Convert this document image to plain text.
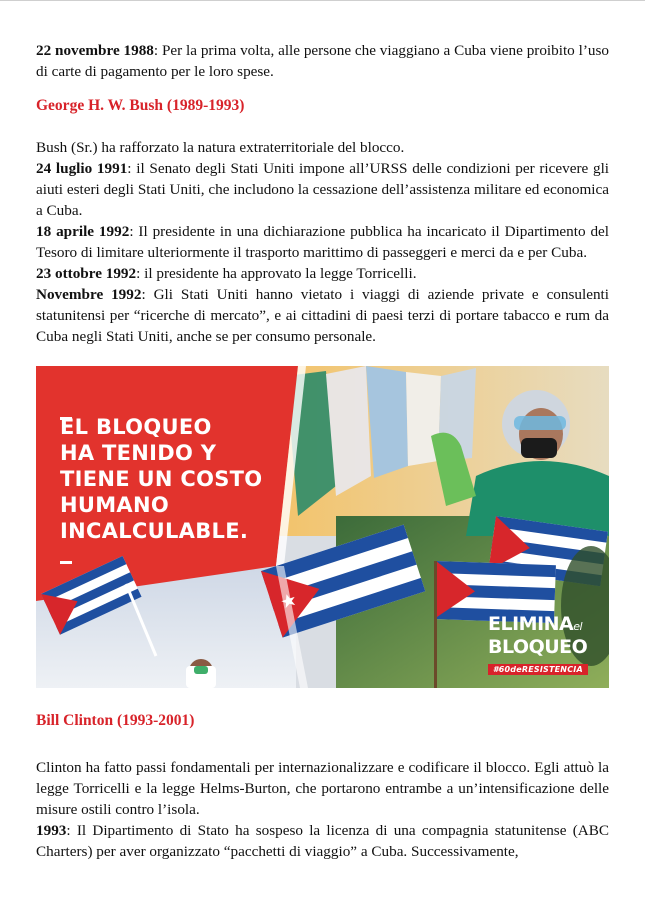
22 novembre 1988: Per la prima volta, alle persone che viaggiano a Cuba viene proibito l’uso di carte di pagamento per le loro spese.

George H. W. Bush (1989-1993)

Bush (Sr.) ha rafforzato la natura extraterritoriale del blocco.

24 luglio 1991: il Senato degli Stati Uniti impone all’URSS delle condizioni per ricevere gli aiuti esteri degli Stati Uniti, che includono la cessazione dell’assistenza militare ed economica a Cuba.

18 aprile 1992: Il presidente in una dichiarazione pubblica ha incaricato il Dipartimento del Tesoro di limitare ulteriormente il trasporto marittimo di passeggeri e merci da e per Cuba.

23 ottobre 1992: il presidente ha approvato la legge Torricelli.

Novembre 1992: Gli Stati Uniti hanno vietato i viaggi di aziende private e consulenti statunitensi per “ricerche di mercato”, e ai cittadini di paesi terzi di portare tabacco e rum da Cuba negli Stati Uniti, anche se per consumo personale.

EL BLOQUEO
HA TENIDO Y
TIENE UN COSTO
HUMANO
INCALCULABLE.
ELIMINAel
BLOQUEO
#60deRESISTENCIA

Bill Clinton (1993-2001)

Clinton ha fatto passi fondamentali per internazionalizzare e codificare il blocco. Egli attuò la legge Torricelli e la legge Helms-Burton, che portarono entrambe a un’intensificazione delle misure ostili contro l’isola.

1993: Il Dipartimento di Stato ha sospeso la licenza di una compagnia statunitense (ABC Charters) per aver organizzato “pacchetti di viaggio” a Cuba. Successivamente,
